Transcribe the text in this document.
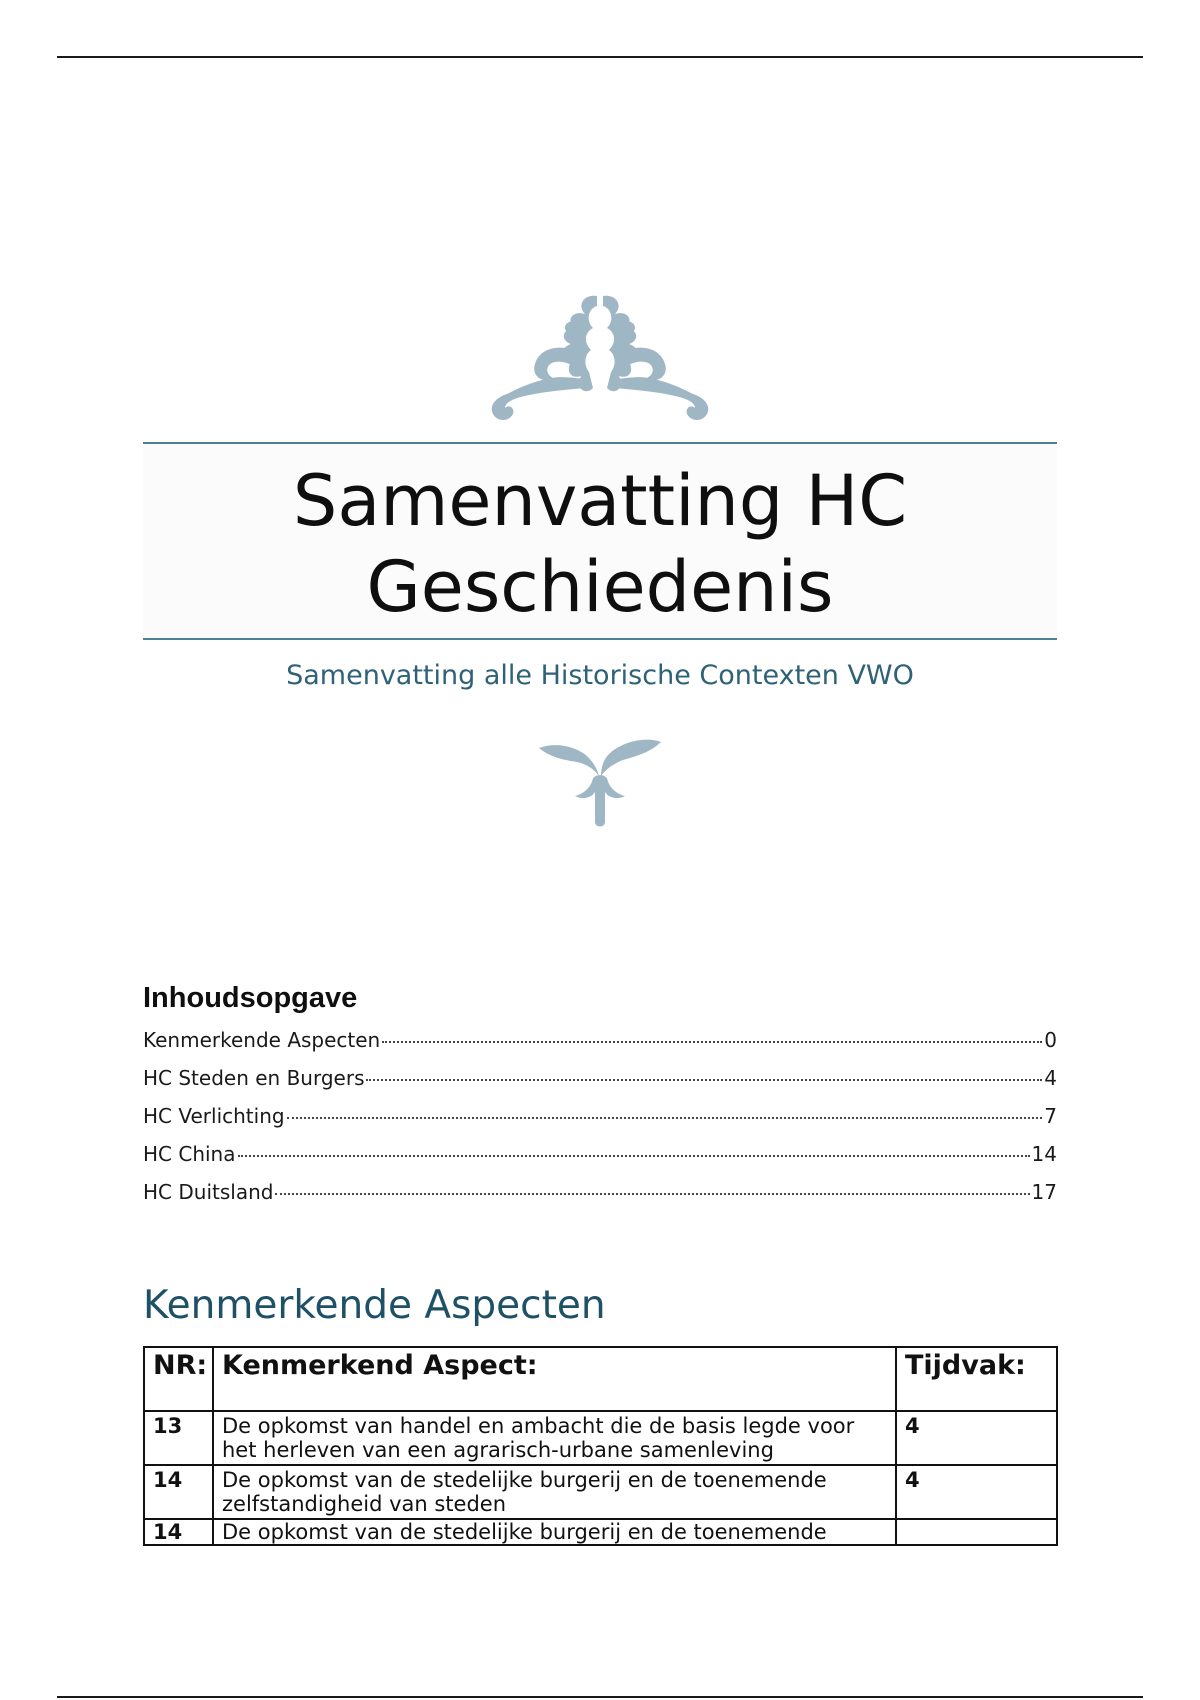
Samenvatting HC Geschiedenis
Samenvatting alle Historische Contexten VWO
Inhoudsopgave
Kenmerkende Aspecten	0
HC Steden en Burgers	4
HC Verlichting	7
HC China	14
HC Duitsland	17
Kenmerkende Aspecten
NR:	Kenmerkend Aspect:	Tijdvak:
13	De opkomst van handel en ambacht die de basis legde voor het herleven van een agrarisch-urbane samenleving	4
14	De opkomst van de stedelijke burgerij en de toenemende zelfstandigheid van steden	4

14	De opkomst van de stedelijke burgerij en de toenemende	
